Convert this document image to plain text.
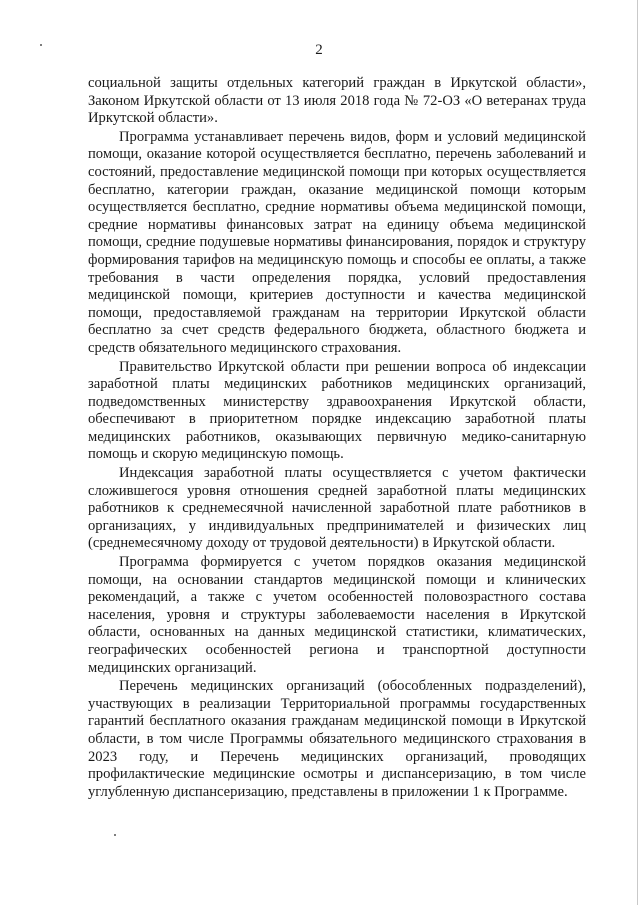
2

социальной защиты отдельных категорий граждан в Иркутской области», Законом Иркутской области от 13 июля 2018 года № 72-ОЗ «О ветеранах труда Иркутской области».

Программа устанавливает перечень видов, форм и условий медицинской помощи, оказание которой осуществляется бесплатно, перечень заболеваний и состояний, предоставление медицинской помощи при которых осуществляется бесплатно, категории граждан, оказание медицинской помощи которым осуществляется бесплатно, средние нормативы объема медицинской помощи, средние нормативы финансовых затрат на единицу объема медицинской помощи, средние подушевые нормативы финансирования, порядок и структуру формирования тарифов на медицинскую помощь и способы ее оплаты, а также требования в части определения порядка, условий предоставления медицинской помощи, критериев доступности и качества медицинской помощи, предоставляемой гражданам на территории Иркутской области бесплатно за счет средств федерального бюджета, областного бюджета и средств обязательного медицинского страхования.

Правительство Иркутской области при решении вопроса об индексации заработной платы медицинских работников медицинских организаций, подведомственных министерству здравоохранения Иркутской области, обеспечивают в приоритетном порядке индексацию заработной платы медицинских работников, оказывающих первичную медико-санитарную помощь и скорую медицинскую помощь.

Индексация заработной платы осуществляется с учетом фактически сложившегося уровня отношения средней заработной платы медицинских работников к среднемесячной начисленной заработной плате работников в организациях, у индивидуальных предпринимателей и физических лиц (среднемесячному доходу от трудовой деятельности) в Иркутской области.

Программа формируется с учетом порядков оказания медицинской помощи, на основании стандартов медицинской помощи и клинических рекомендаций, а также с учетом особенностей половозрастного состава населения, уровня и структуры заболеваемости населения в Иркутской области, основанных на данных медицинской статистики, климатических, географических особенностей региона и транспортной доступности медицинских организаций.

Перечень медицинских организаций (обособленных подразделений), участвующих в реализации Территориальной программы государственных гарантий бесплатного оказания гражданам медицинской помощи в Иркутской области, в том числе Программы обязательного медицинского страхования в 2023 году, и Перечень медицинских организаций, проводящих профилактические медицинские осмотры и диспансеризацию, в том числе углубленную диспансеризацию, представлены в приложении 1 к Программе.
